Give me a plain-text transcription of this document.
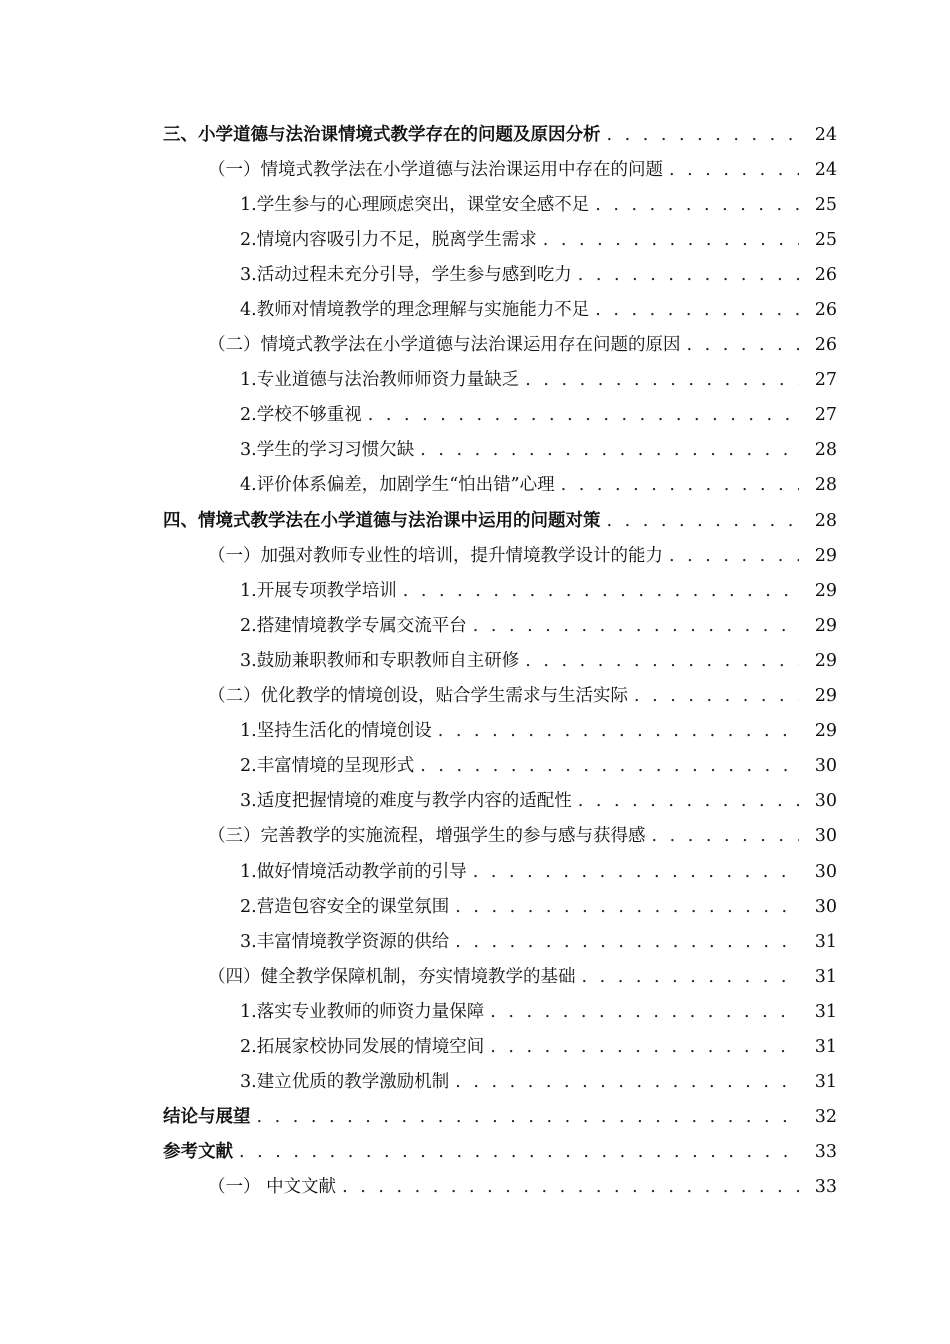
三、小学道德与法治课情境式教学存在的问题及原因分析 . . .	24
（一）情境式教学法在小学道德与法治课运用中存在的问题 . . .	24
1.学生参与的心理顾虑突出，课堂安全感不足 . . .	25
2.情境内容吸引力不足，脱离学生需求 . . .	25
3.活动过程未充分引导，学生参与感到吃力 . . .	26
4.教师对情境教学的理念理解与实施能力不足 . . .	26
（二）情境式教学法在小学道德与法治课运用存在问题的原因 . . .	26
1.专业道德与法治教师师资力量缺乏 . . .	27
2.学校不够重视 . . .	27
3.学生的学习习惯欠缺 . . .	28
4.评价体系偏差，加剧学生“怕出错”心理 . . .	28
四、情境式教学法在小学道德与法治课中运用的问题对策 . . .	28
（一）加强对教师专业性的培训，提升情境教学设计的能力 . . .	29
1.开展专项教学培训 . . .	29
2.搭建情境教学专属交流平台 . . .	29
3.鼓励兼职教师和专职教师自主研修 . . .	29
（二）优化教学的情境创设，贴合学生需求与生活实际 . . .	29
1.坚持生活化的情境创设 . . .	29
2.丰富情境的呈现形式 . . .	30
3.适度把握情境的难度与教学内容的适配性 . . .	30
（三）完善教学的实施流程，增强学生的参与感与获得感 . . .	30
1.做好情境活动教学前的引导 . . .	30
2.营造包容安全的课堂氛围 . . .	30
3.丰富情境教学资源的供给 . . .	31
（四）健全教学保障机制，夯实情境教学的基础 . . .	31
1.落实专业教师的师资力量保障 . . .	31
2.拓展家校协同发展的情境空间 . . .	31
3.建立优质的教学激励机制 . . .	31
结论与展望 . . .	32
参考文献 . . .	33
（一） 中文文献 . . .	33
